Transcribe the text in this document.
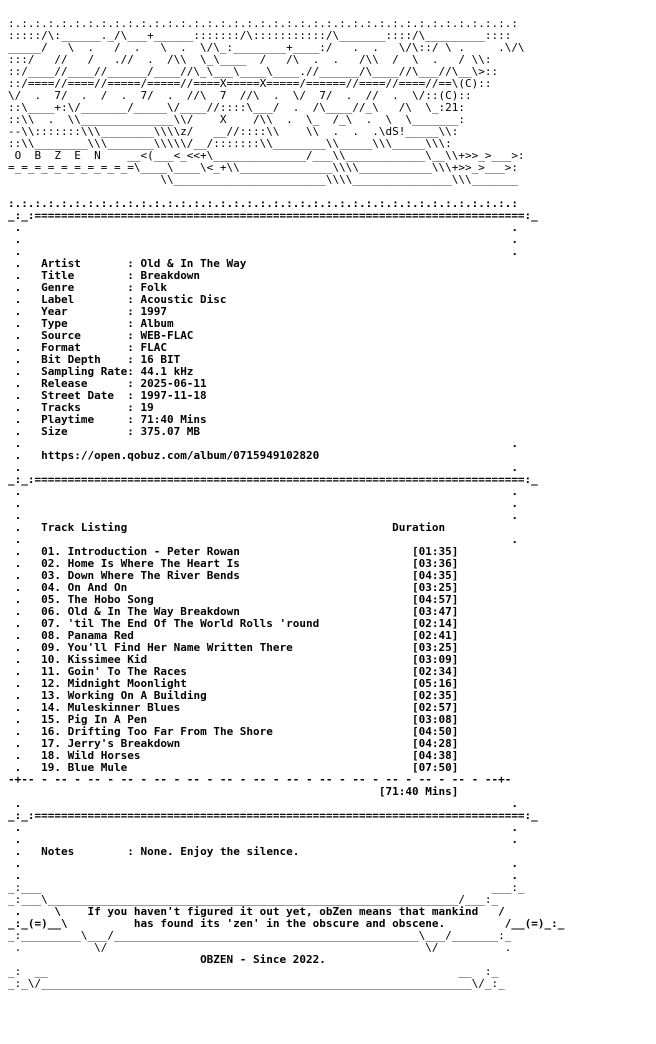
:.:.:.:.:.:.:.:.:.:.:.:.:.:.:.:.:.:.:.:.:.:.:.:.:.:.:.:.:.:.:.:.:.:.:.:.:.:.:
:::::/\:______._/\___+______:::::::/\:::::::::::/\_______::::/\_________::::
_____/   \  .   /  .   \  .  \/\_:________+____:/   .  .   \/\::/ \ .     .\/\
:::/   //   /   .//  .  /\\  \_\____  /   /\  .  .   /\\  /  \  .   / \\:
::/____//____//______/____//\_\___\____\____.//______/\____//\___//\__\>::
::/====//====//=====/=====//====X=====X=====/======//====//====//==\(C)::
\/  .  7/  .  /  .  7/  .  //\  7  //\  .  \/  7/  .  //  .  \/::(C)::
::\____+:\/_______/_____\/____//::::\___/  .  /\____//_\   /\  \_:21:
::\\  .  \\______________\\/    X    /\\  .  \_  /_\  .  \  \_______:
--\\:::::::\\\________\\\\z/   __//::::\\    \\  .  .  .\dS!_____\\:
::\\________\\\_______\\\\\/__/:::::::\\________\\_____\\\_____\\\:
O  B  Z  E  N    __<(___<_<<+\______________/___\\____________\__\\+>>_>___>:
=_=_=_=_=_=_=_=_=_=\____\____\<_+\\______________\\\\___________\\\+>>_>___>:
\\_______________________\\\\_______________\\\_______

:.:.:.:.:.:.:.:.:.:.:.:.:.:.:.:.:.:.:.:.:.:.:.:.:.:.:.:.:.:.:.:.:.:.:.:.:.:.:
_:_:==========================================================================:_
.                                                                          .
.                                                                          .
.                                                                          .
.   Artist       : Old & In The Way
.   Title        : Breakdown
.   Genre        : Folk
.   Label        : Acoustic Disc
.   Year         : 1997
.   Type         : Album
.   Source       : WEB-FLAC
.   Format       : FLAC
.   Bit Depth    : 16 BIT
.   Sampling Rate: 44.1 kHz
.   Release      : 2025-06-11
.   Street Date  : 1997-11-18
.   Tracks       : 19
.   Playtime     : 71:40 Mins
.   Size         : 375.07 MB
.                                                                          .
.   https://open.qobuz.com/album/0715949102820
.                                                                          .
_:_:==========================================================================:_
.                                                                          .
.                                                                          .
.                                                                          .
.   Track Listing	Duration
.                                                                          .
.   01. Introduction - Peter Rowan	[01:35]
.   02. Home Is Where The Heart Is	[03:36]
.   03. Down Where The River Bends	[04:35]
.   04. On And On	[03:25]
.   05. The Hobo Song	[04:57]
.   06. Old & In The Way Breakdown	[03:47]
.   07. 'til The End Of The World Rolls 'round	[02:14]
.   08. Panama Red	[02:41]
.   09. You'll Find Her Name Written There	[03:25]
.   10. Kissimee Kid	[03:09]
.   11. Goin' To The Races	[02:34]
.   12. Midnight Moonlight	[05:16]
.   13. Working On A Building	[02:35]
.   14. Muleskinner Blues	[02:57]
.   15. Pig In A Pen	[03:08]
.   16. Drifting Too Far From The Shore	[04:50]
.   17. Jerry's Breakdown	[04:28]
.   18. Wild Horses	[04:38]
.   19. Blue Mule	[07:50]
-+-- - -- - -- - -- - -- - -- - -- - -- - -- - -- - -- - -- - -- - -- - --+-
[71:40 Mins]
.                                                                          .
_:_:==========================================================================:_
.                                                                          .
.                                                                          .
.   Notes        : None. Enjoy the silence.
.                                                                          .
.                                                                          .
_:___                                                                    ___:_
_:___\______________________________________________________________/___:_
.     \    If you haven't figured it out yet, obZen means that mankind   /
_:_(=)__\          has found its 'zen' in the obscure and obscene.         /__(=)_:_
_:_________\___/______________________________________________\___/_______:_
.           \/                                                \/          .
OBZEN - Since 2022.
_:  __                                                              __  :_
_:_\/_________________________________________________________________\/_:_
